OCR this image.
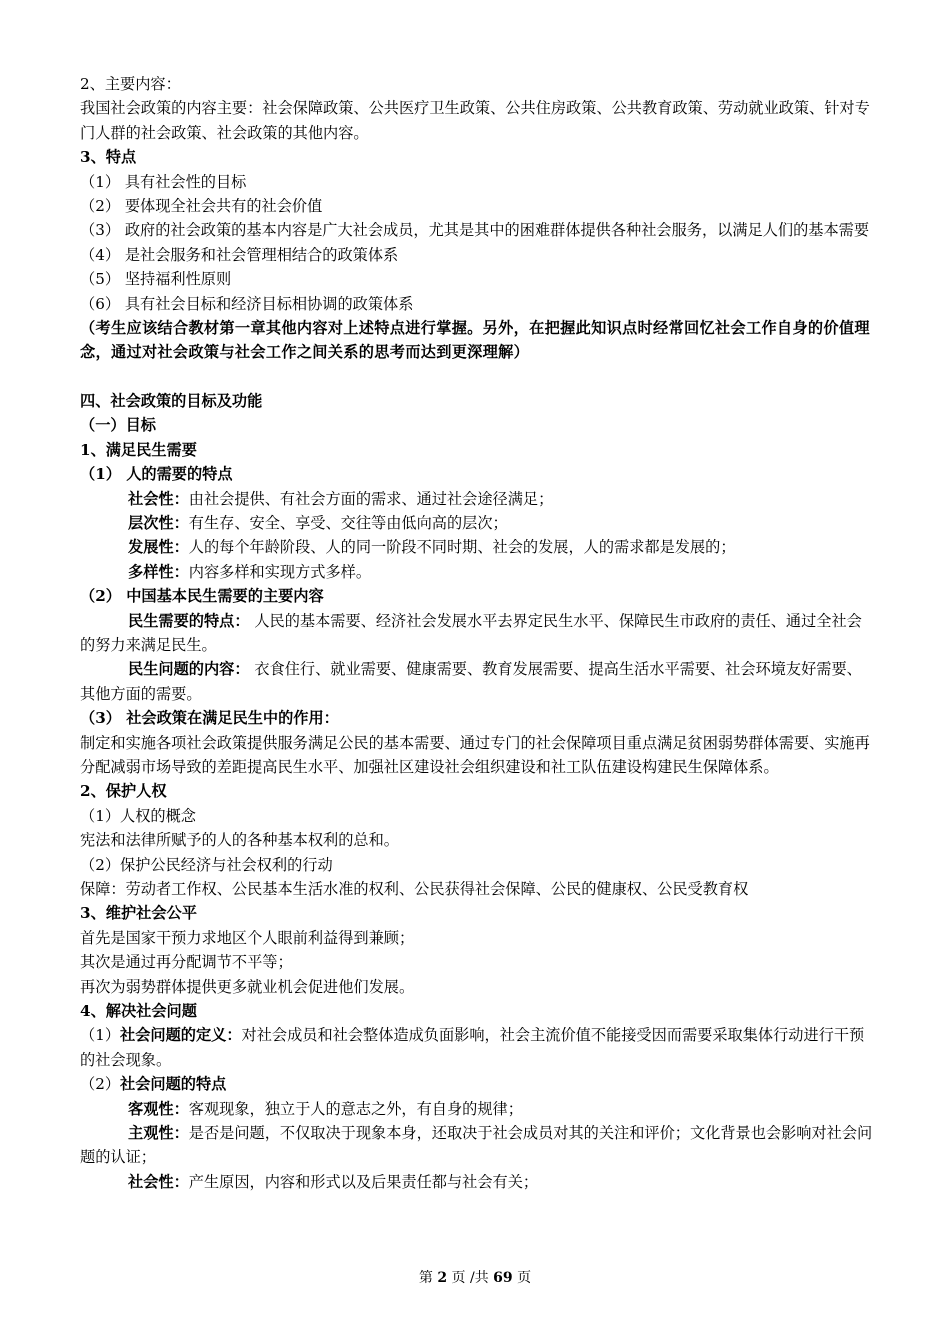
2、主要内容：

我国社会政策的内容主要：社会保障政策、公共医疗卫生政策、公共住房政策、公共教育政策、劳动就业政策、针对专门人群的社会政策、社会政策的其他内容。

3、特点

（1） 具有社会性的目标

（2） 要体现全社会共有的社会价值

（3） 政府的社会政策的基本内容是广大社会成员，尤其是其中的困难群体提供各种社会服务，以满足人们的基本需要

（4） 是社会服务和社会管理相结合的政策体系

（5） 坚持福利性原则

（6） 具有社会目标和经济目标相协调的政策体系

（考生应该结合教材第一章其他内容对上述特点进行掌握。另外，在把握此知识点时经常回忆社会工作自身的价值理念，通过对社会政策与社会工作之间关系的思考而达到更深理解）

四、社会政策的目标及功能

（一）目标

1、满足民生需要

（1） 人的需要的特点

社会性：由社会提供、有社会方面的需求、通过社会途径满足；

层次性：有生存、安全、享受、交往等由低向高的层次；

发展性：人的每个年龄阶段、人的同一阶段不同时期、社会的发展，人的需求都是发展的；

多样性：内容多样和实现方式多样。

（2） 中国基本民生需要的主要内容

民生需要的特点： 人民的基本需要、经济社会发展水平去界定民生水平、保障民生市政府的责任、通过全社会的努力来满足民生。

民生问题的内容： 衣食住行、就业需要、健康需要、教育发展需要、提高生活水平需要、社会环境友好需要、其他方面的需要。

（3） 社会政策在满足民生中的作用：

制定和实施各项社会政策提供服务满足公民的基本需要、通过专门的社会保障项目重点满足贫困弱势群体需要、实施再分配减弱市场导致的差距提高民生水平、加强社区建设社会组织建设和社工队伍建设构建民生保障体系。

2、保护人权

（1）人权的概念

宪法和法律所赋予的人的各种基本权利的总和。

（2）保护公民经济与社会权利的行动

保障：劳动者工作权、公民基本生活水准的权利、公民获得社会保障、公民的健康权、公民受教育权

3、维护社会公平

首先是国家干预力求地区个人眼前利益得到兼顾；

其次是通过再分配调节不平等；

再次为弱势群体提供更多就业机会促进他们发展。

4、解决社会问题

（1）社会问题的定义：对社会成员和社会整体造成负面影响，社会主流价值不能接受因而需要采取集体行动进行干预的社会现象。

（2）社会问题的特点

客观性：客观现象，独立于人的意志之外，有自身的规律；

主观性：是否是问题，不仅取决于现象本身，还取决于社会成员对其的关注和评价；文化背景也会影响对社会问题的认证；

社会性：产生原因，内容和形式以及后果责任都与社会有关；

第 2 页 /共 69 页
